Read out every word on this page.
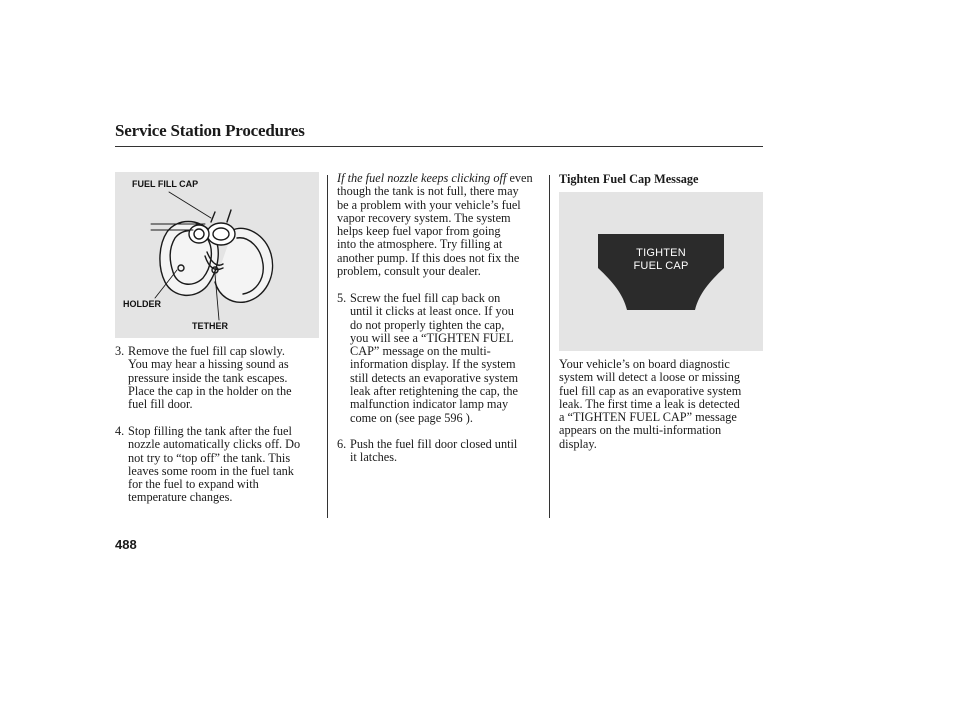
Service Station Procedures
FUEL FILL CAP
HOLDER
TETHER
3. Remove the fuel fill cap slowly.
You may hear a hissing sound as
pressure inside the tank escapes.
Place the cap in the holder on the
fuel fill door.
4. Stop filling the tank after the fuel
nozzle automatically clicks off. Do
not try to “top off” the tank. This
leaves some room in the fuel tank
for the fuel to expand with
temperature changes.
If the fuel nozzle keeps clicking off even
though the tank is not full, there may
be a problem with your vehicle’s fuel
vapor recovery system. The system
helps keep fuel vapor from going
into the atmosphere. Try filling at
another pump. If this does not fix the
problem, consult your dealer.
5. Screw the fuel fill cap back on
until it clicks at least once. If you
do not properly tighten the cap,
you will see a “TIGHTEN FUEL
CAP” message on the multi-
information display. If the system
still detects an evaporative system
leak after retightening the cap, the
malfunction indicator lamp may
come on (see page 596 ).
6. Push the fuel fill door closed until
it latches.
Tighten Fuel Cap Message
TIGHTEN
FUEL CAP
Your vehicle’s on board diagnostic
system will detect a loose or missing
fuel fill cap as an evaporative system
leak. The first time a leak is detected
a “TIGHTEN FUEL CAP” message
appears on the multi-information
display.
488
